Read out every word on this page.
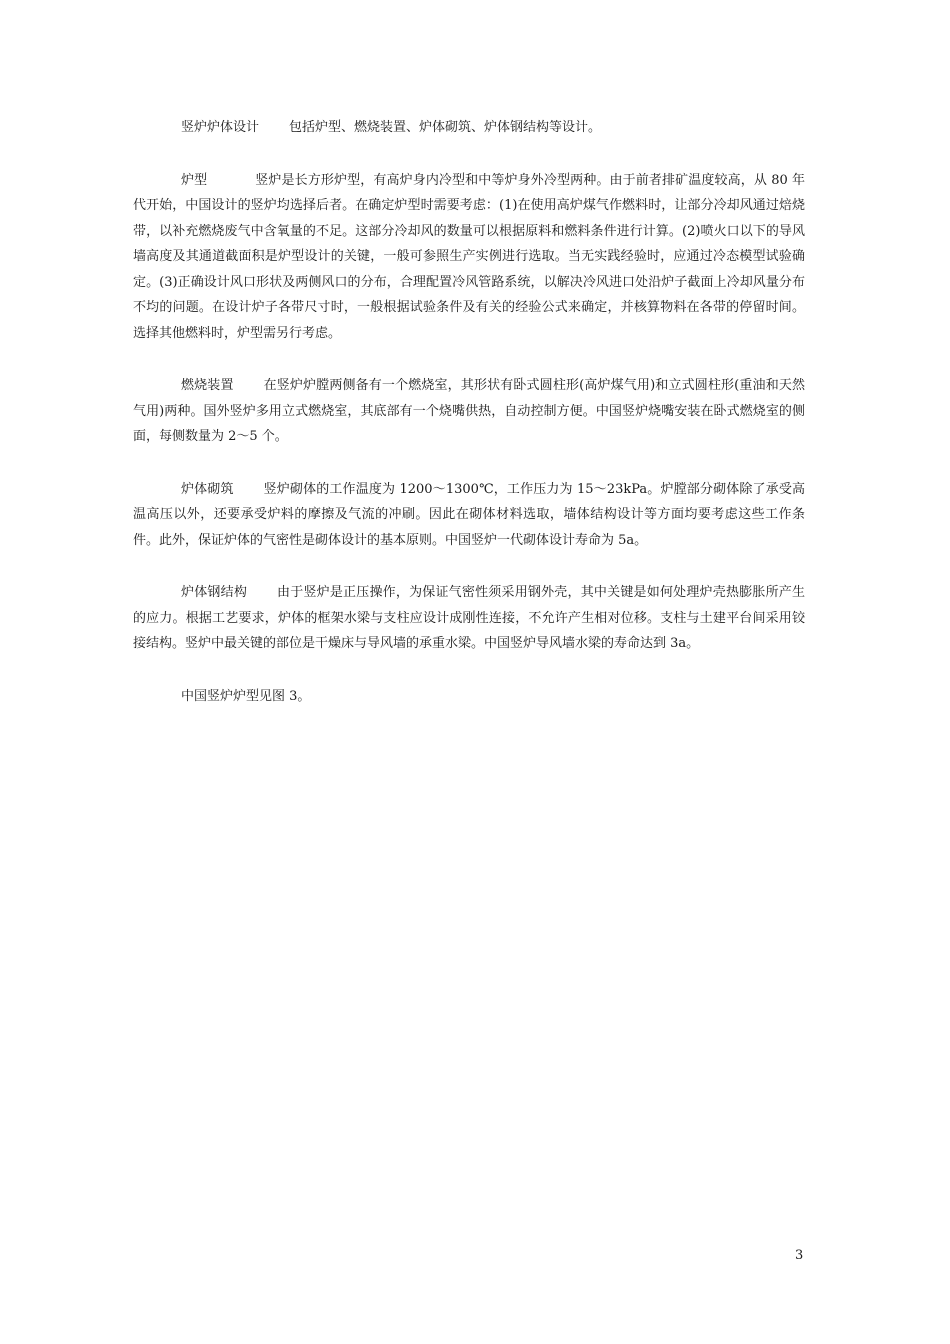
竖炉炉体设计 包括炉型、燃烧装置、炉体砌筑、炉体钢结构等设计。

炉型	竖炉是长方形炉型，有高炉身内冷型和中等炉身外冷型两种。由于前者排矿温度较高，从 80 年代开始，中国设计的竖炉均选择后者。在确定炉型时需要考虑：(1)在使用高炉煤气作燃料时，让部分冷却风通过焙烧带，以补充燃烧废气中含氧量的不足。这部分冷却风的数量可以根据原料和燃料条件进行计算。(2)喷火口以下的导风墙高度及其通道截面积是炉型设计的关键，一般可参照生产实例进行选取。当无实践经验时，应通过冷态模型试验确定。(3)正确设计风口形状及两侧风口的分布，合理配置冷风管路系统，以解决冷风进口处沿炉子截面上冷却风量分布不均的问题。在设计炉子各带尺寸时，一般根据试验条件及有关的经验公式来确定，并核算物料在各带的停留时间。选择其他燃料时，炉型需另行考虑。

燃烧装置 在竖炉炉膛两侧备有一个燃烧室，其形状有卧式圆柱形(高炉煤气用)和立式圆柱形(重油和天然气用)两种。国外竖炉多用立式燃烧室，其底部有一个烧嘴供热，自动控制方便。中国竖炉烧嘴安装在卧式燃烧室的侧面，每侧数量为 2～5 个。

炉体砌筑 竖炉砌体的工作温度为 1200～1300℃，工作压力为 15～23kPa。炉膛部分砌体除了承受高温高压以外，还要承受炉料的摩擦及气流的冲刷。因此在砌体材料选取，墙体结构设计等方面均要考虑这些工作条件。此外，保证炉体的气密性是砌体设计的基本原则。中国竖炉一代砌体设计寿命为 5a。

炉体钢结构 由于竖炉是正压操作，为保证气密性须采用钢外壳，其中关键是如何处理炉壳热膨胀所产生的应力。根据工艺要求，炉体的框架水梁与支柱应设计成刚性连接，不允许产生相对位移。支柱与土建平台间采用铰接结构。竖炉中最关键的部位是干燥床与导风墙的承重水梁。中国竖炉导风墙水梁的寿命达到 3a。

中国竖炉炉型见图 3。

3
